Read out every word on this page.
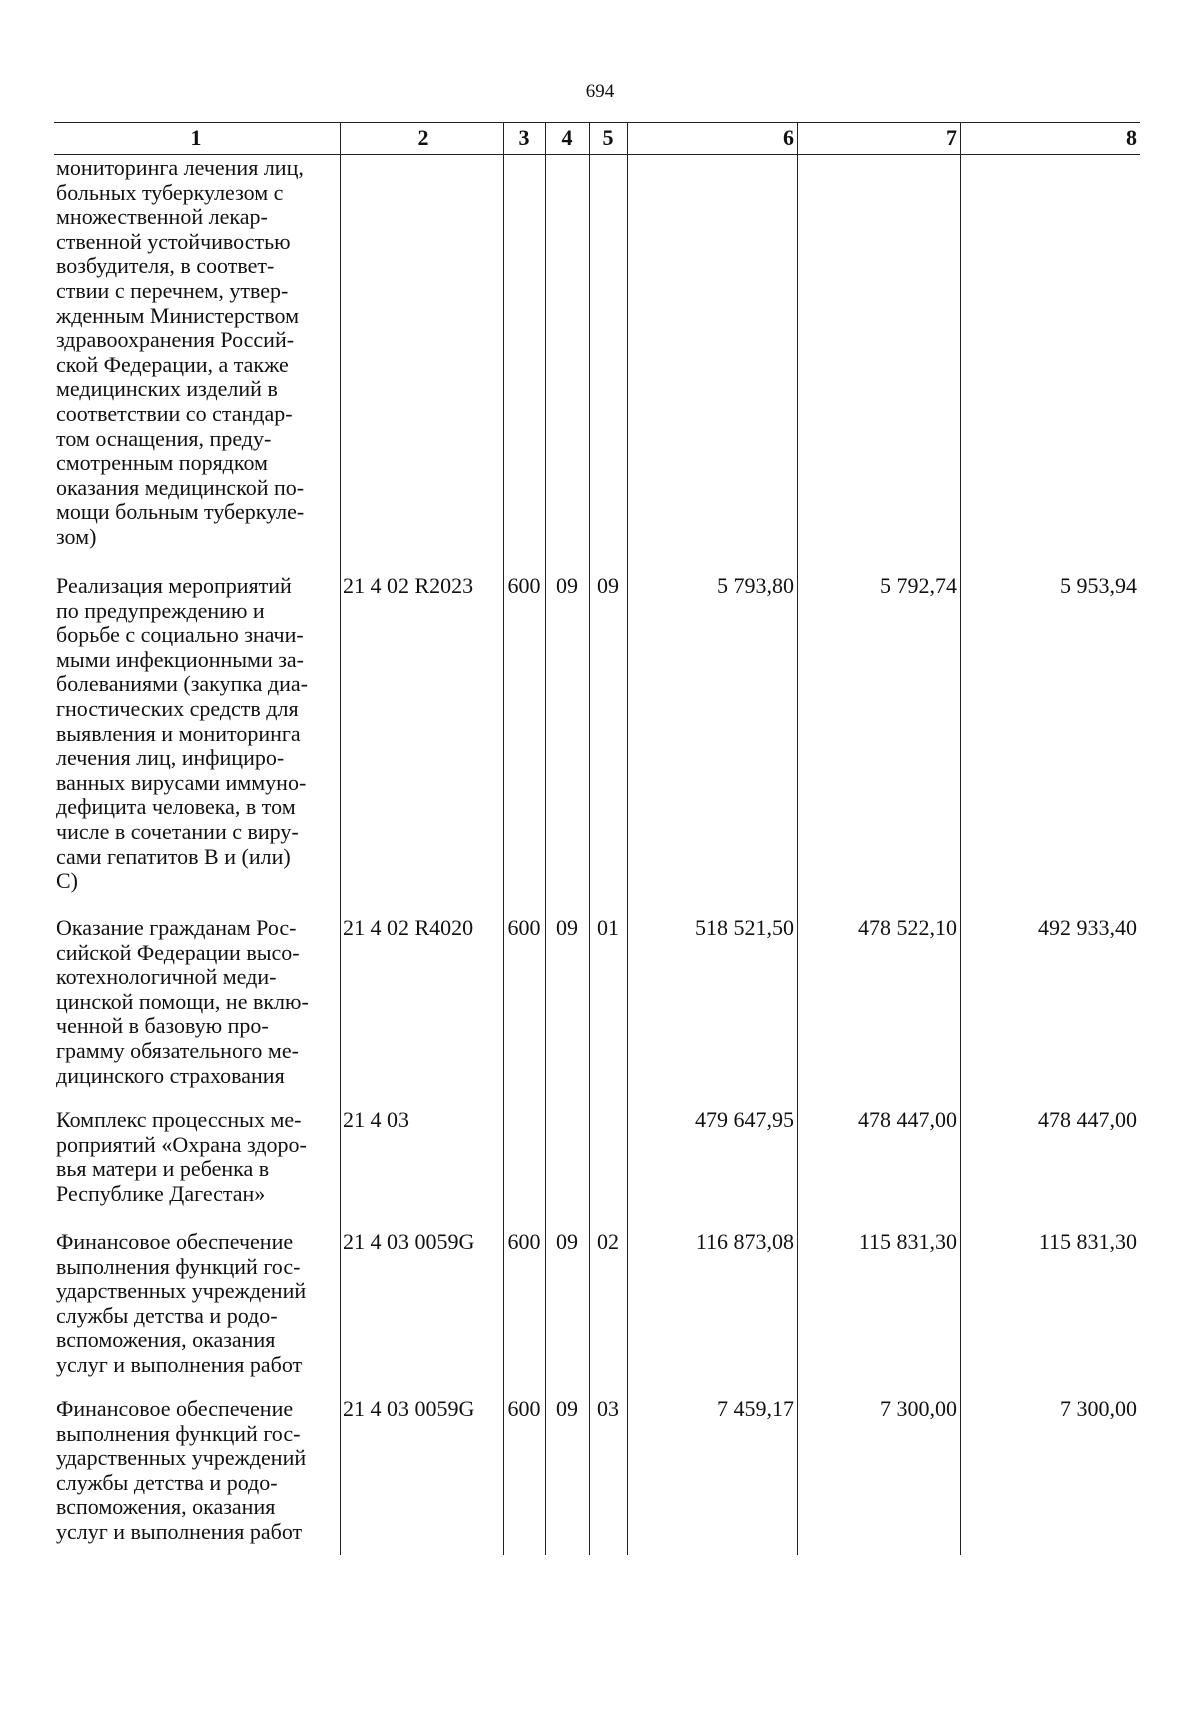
694
1	2	3	4	5	6	7	8
мониторинга лечения лиц,
больных туберкулезом с
множественной лекар-
ственной устойчивостью
возбудителя, в соответ-
ствии с перечнем, утвер-
жденным Министерством
здравоохранения Россий-
ской Федерации, а также
медицинских изделий в
соответствии со стандар-
том оснащения, преду-
смотренным порядком
оказания медицинской по-
мощи больным туберкуле-
зом)
Реализация мероприятий
по предупреждению и
борьбе с социально значи-
мыми инфекционными за-
болеваниями (закупка диа-
гностических средств для
выявления и мониторинга
лечения лиц, инфициро-
ванных вирусами иммуно-
дефицита человека, в том
числе в сочетании с виру-
сами гепатитов В и (или)
С)
21 4 02 R2023	600 09 09	5 793,80	5 792,74	5 953,94
Оказание гражданам Рос-
сийской Федерации высо-
котехнологичной меди-
цинской помощи, не вклю-
ченной в базовую про-
грамму обязательного ме-
дицинского страхования
21 4 02 R4020	600 09 01	518 521,50	478 522,10	492 933,40
Комплекс процессных ме-
роприятий «Охрана здоро-
вья матери и ребенка в
Республике Дагестан»
21 4 03	479 647,95	478 447,00	478 447,00
Финансовое обеспечение
выполнения функций гос-
ударственных учреждений
службы детства и родо-
вспоможения, оказания
услуг и выполнения работ
21 4 03 0059G	600 09 02	116 873,08	115 831,30	115 831,30
Финансовое обеспечение
выполнения функций гос-
ударственных учреждений
службы детства и родо-
вспоможения, оказания
услуг и выполнения работ
21 4 03 0059G	600 09 03	7 459,17	7 300,00	7 300,00
